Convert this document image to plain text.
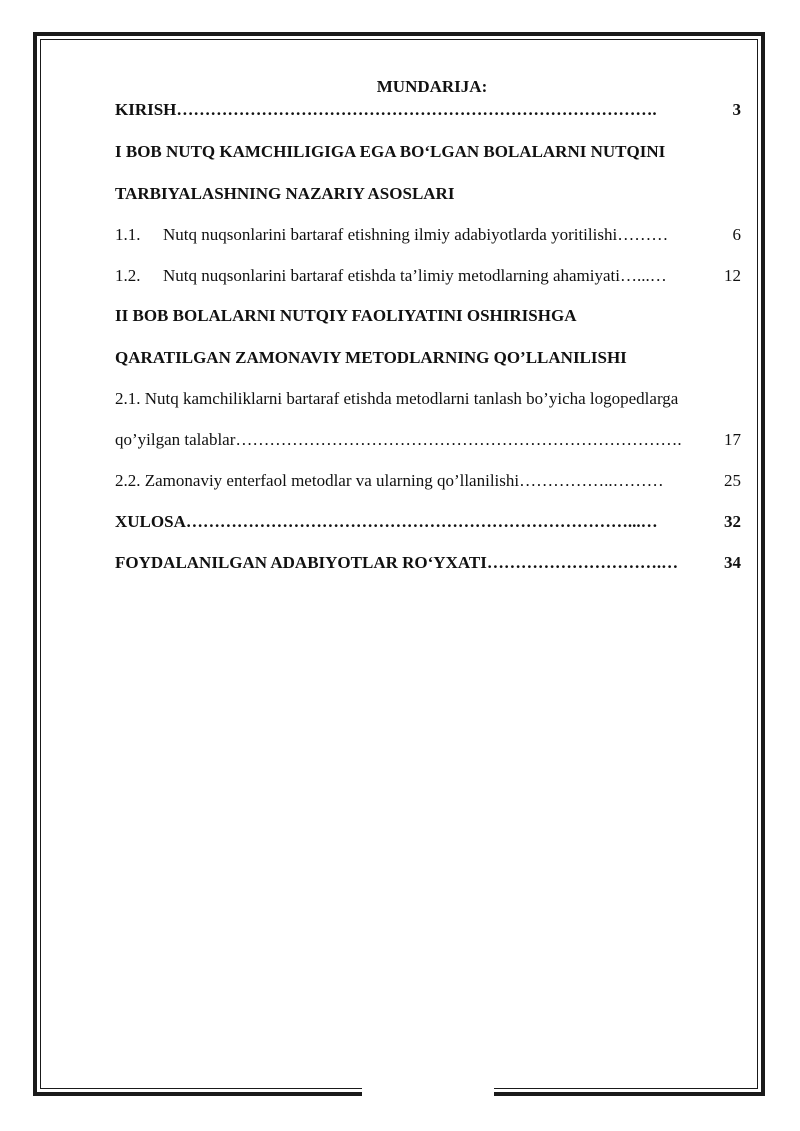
MUNDARIJA:
KIRISH ………………………………………………………………………….	3
I BOB NUTQ KAMCHILIGIGA EGA BO‘LGAN BOLALARNI NUTQINI
TARBIYALASHNING NAZARIY ASOSLARI
1.1.	Nutq nuqsonlarini bartaraf etishning ilmiy adabiyotlarda yoritilishi ………	6
1.2.	Nutq nuqsonlarini bartaraf etishda ta’limiy metodlarning ahamiyati …...…	12
II BOB BOLALARNI NUTQIY FAOLIYATINI OSHIRISHGA
QARATILGAN ZAMONAVIY METODLARNING QO’LLANILISHI
2.1. Nutq kamchiliklarni bartaraf etishda metodlarni tanlash bo’yicha logopedlarga
qo’yilgan talablar …………………………………………………………………….	17
2.2. Zamonaviy enterfaol metodlar va ularning qo’llanilishi ……………..………	25
XULOSA ……………………………………………………………………...…	32
FOYDALANILGAN ADABIYOTLAR RO‘YXATI ………………………….…	34
